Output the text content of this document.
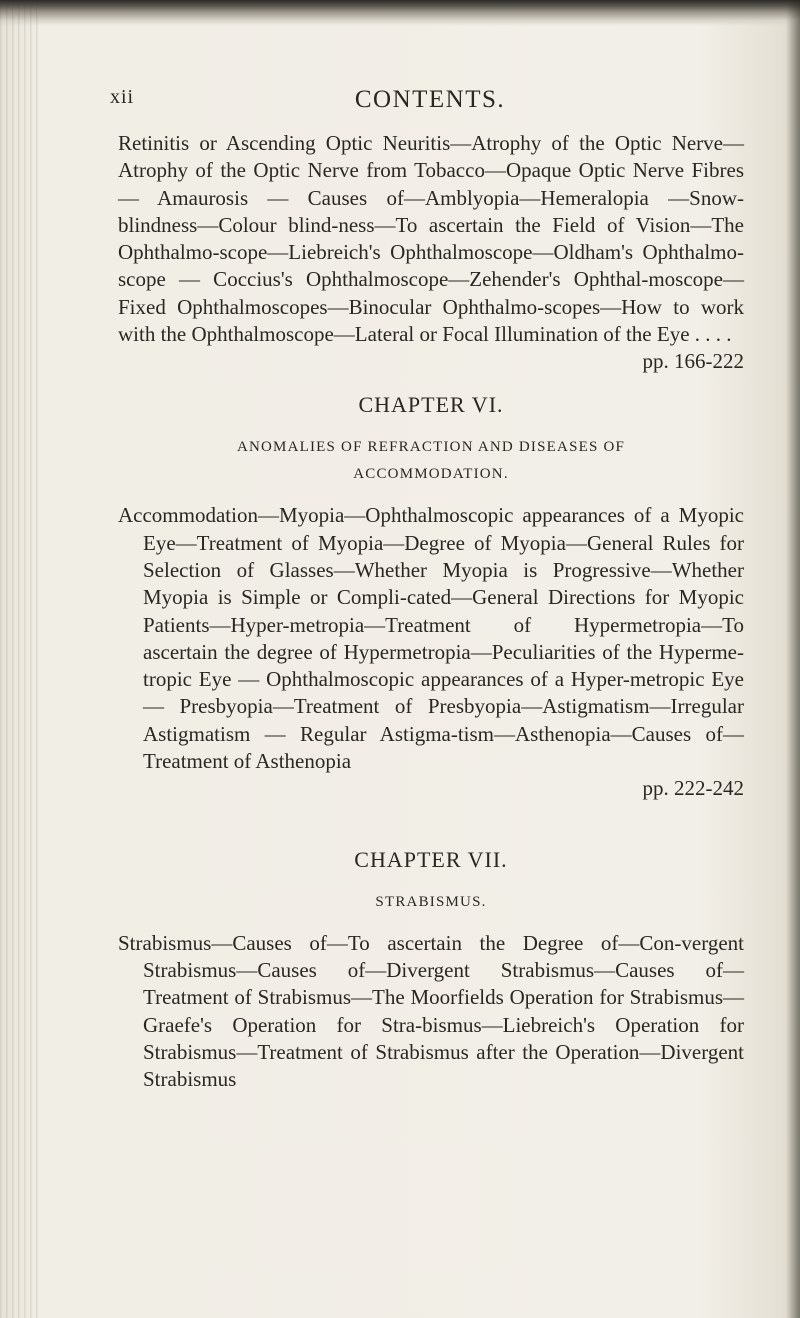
xii	CONTENTS.

Retinitis or Ascending Optic Neuritis—Atrophy of the Optic Nerve—Atrophy of the Optic Nerve from Tobacco—Opaque Optic Nerve Fibres — Amaurosis — Causes of—Amblyopia—Hemeralopia —Snow-blindness—Colour blind-ness—To ascertain the Field of Vision—The Ophthalmo-scope—Liebreich's Ophthalmoscope—Oldham's Ophthalmo-scope — Coccius's Ophthalmoscope—Zehender's Ophthal-moscope—Fixed Ophthalmoscopes—Binocular Ophthalmo-scopes—How to work with the Ophthalmoscope—Lateral or Focal Illumination of the Eye . . . .
pp. 166-222

CHAPTER VI.

ANOMALIES OF REFRACTION AND DISEASES OF

ACCOMMODATION.

Accommodation—Myopia—Ophthalmoscopic appearances of a Myopic Eye—Treatment of Myopia—Degree of Myopia—General Rules for Selection of Glasses—Whether Myopia is Progressive—Whether Myopia is Simple or Compli-cated—General Directions for Myopic Patients—Hyper-metropia—Treatment of Hypermetropia—To ascertain the degree of Hypermetropia—Peculiarities of the Hyperme-tropic Eye — Ophthalmoscopic appearances of a Hyper-metropic Eye — Presbyopia—Treatment of Presbyopia—Astigmatism—Irregular Astigmatism — Regular Astigma-tism—Asthenopia—Causes of—Treatment of Asthenopia

pp. 222-242

CHAPTER VII.

STRABISMUS.

Strabismus—Causes of—To ascertain the Degree of—Con-vergent Strabismus—Causes of—Divergent Strabismus—Causes of—Treatment of Strabismus—The Moorfields Operation for Strabismus—Graefe's Operation for Stra-bismus—Liebreich's Operation for Strabismus—Treatment of Strabismus after the Operation—Divergent Strabismus
